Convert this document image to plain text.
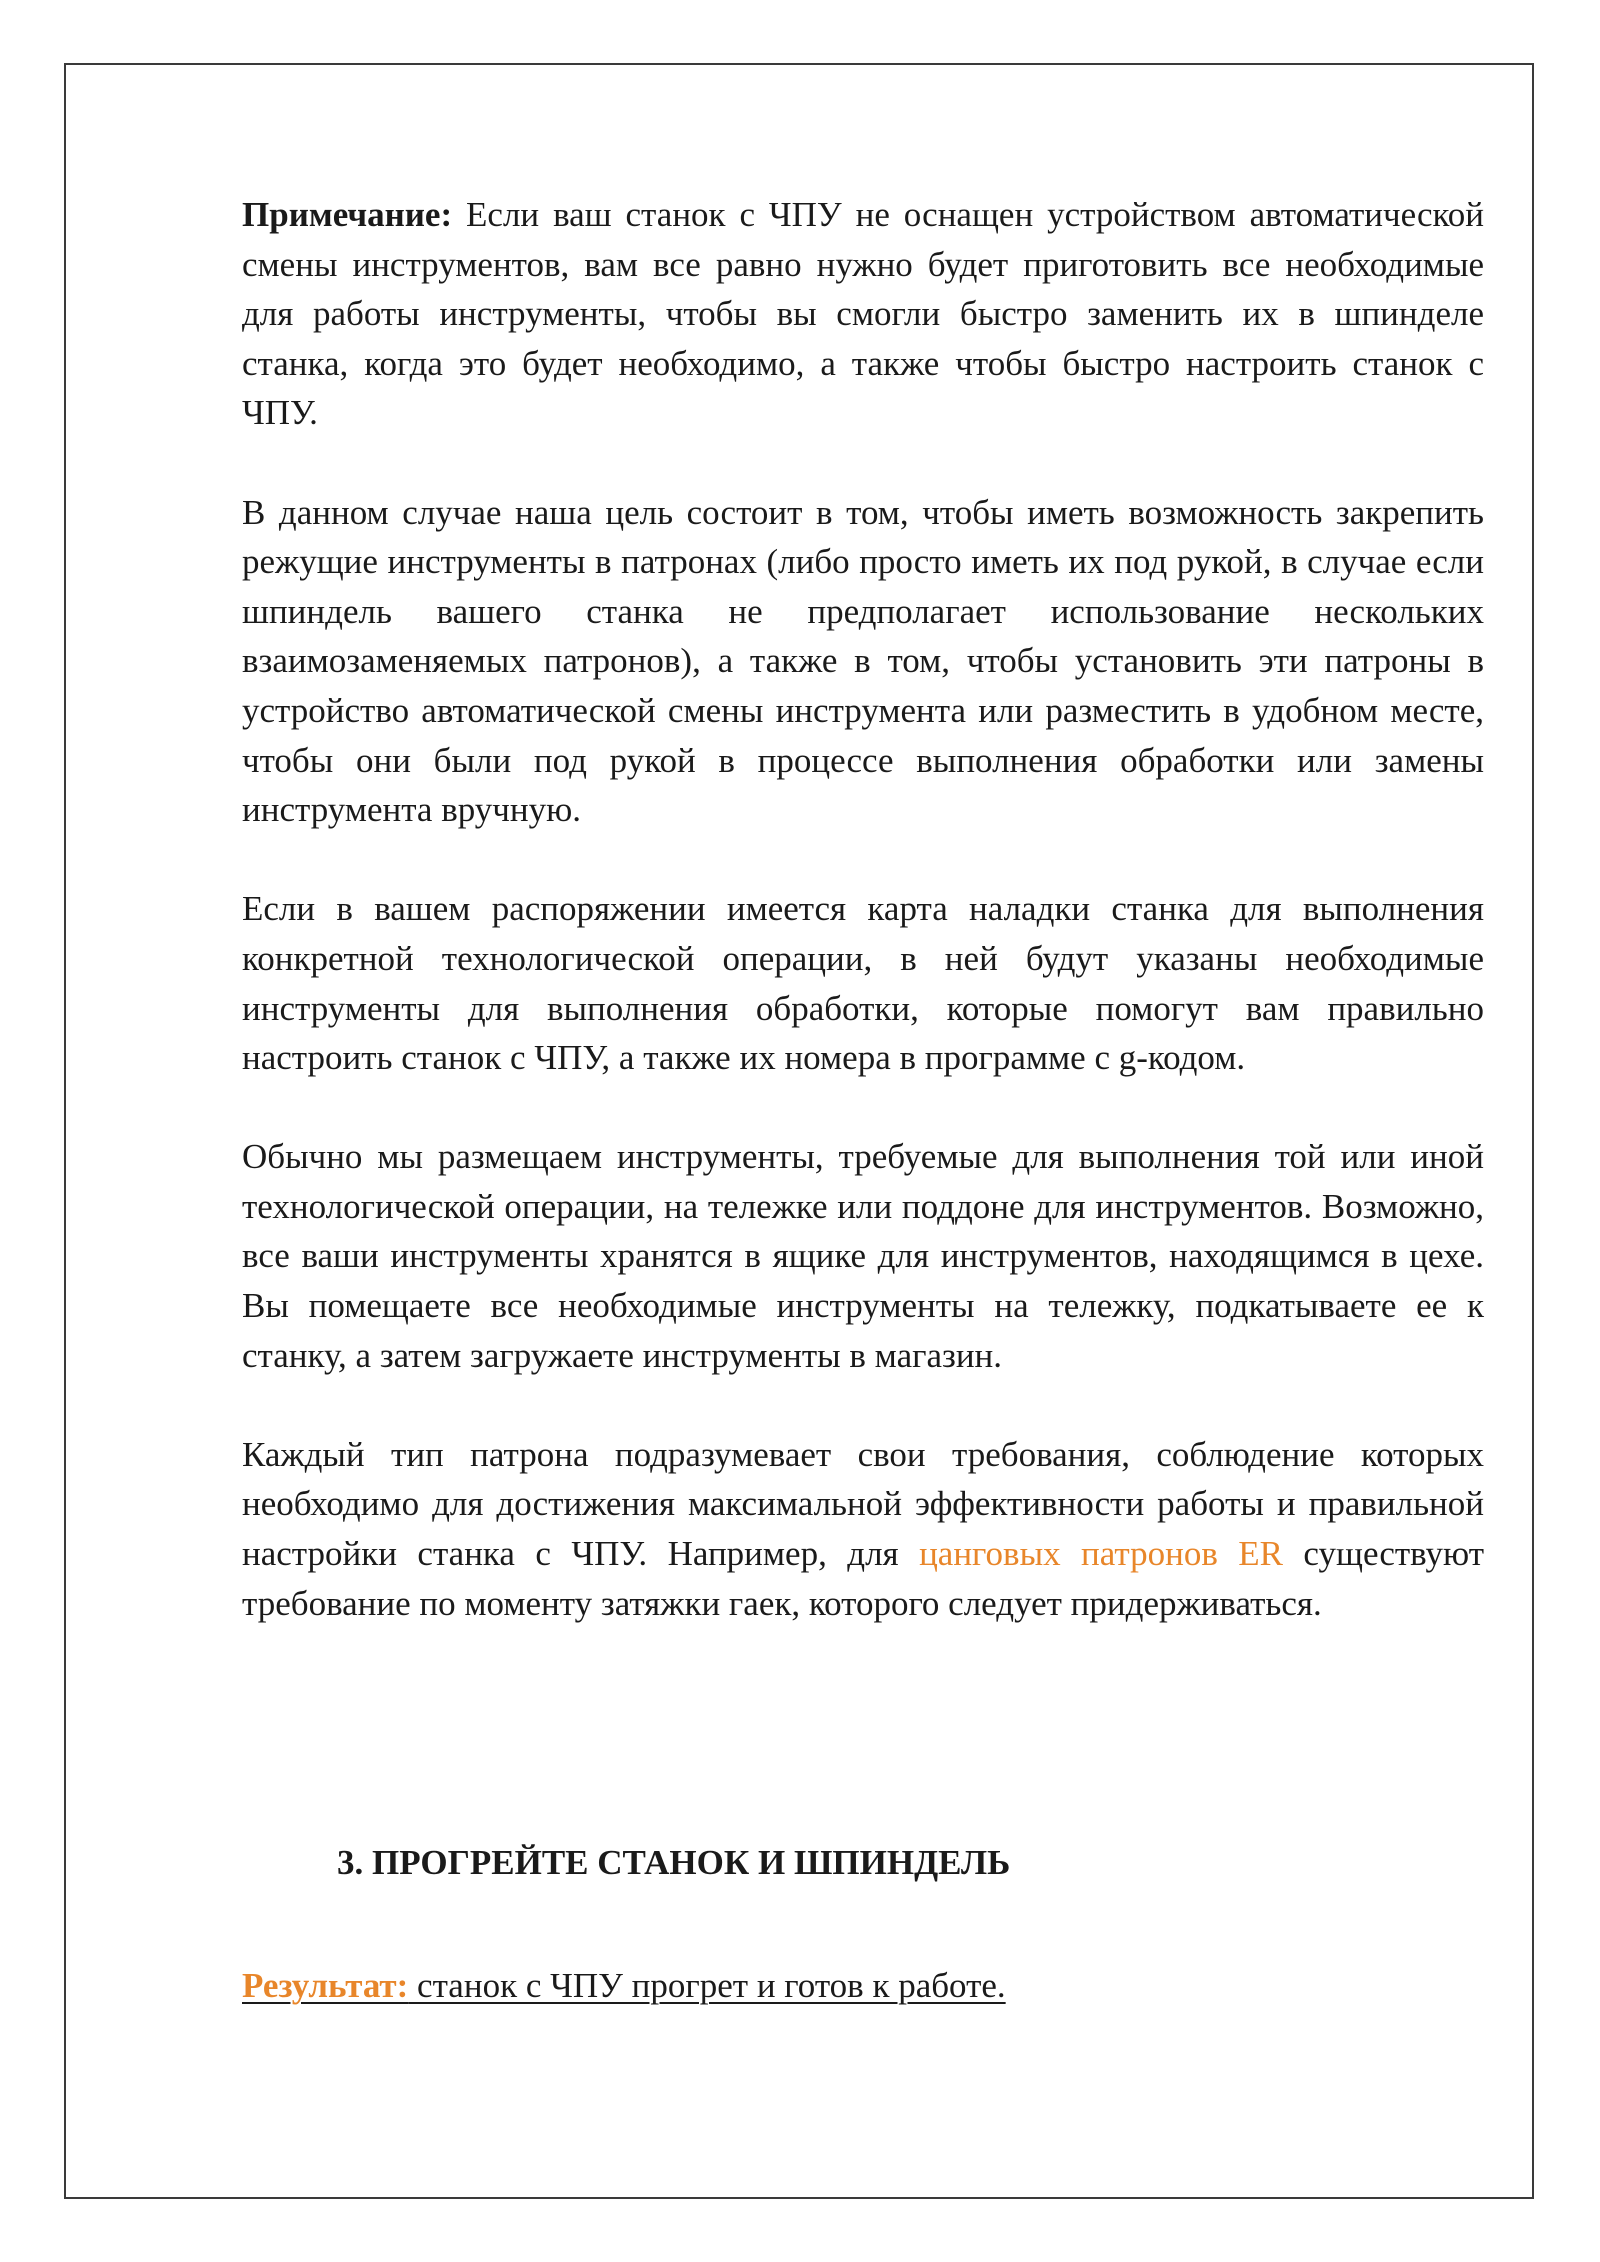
Примечание: Если ваш станок с ЧПУ не оснащен устройством автоматической смены инструментов, вам все равно нужно будет приготовить все необходимые для работы инструменты, чтобы вы смогли быстро заменить их в шпинделе станка, когда это будет необходимо, а также чтобы быстро настроить станок с ЧПУ.

В данном случае наша цель состоит в том, чтобы иметь возможность закрепить режущие инструменты в патронах (либо просто иметь их под рукой, в случае если шпиндель вашего станка не предполагает использование нескольких взаимозаменяемых патронов), а также в том, чтобы установить эти патроны в устройство автоматической смены инструмента или разместить в удобном месте, чтобы они были под рукой в процессе выполнения обработки или замены инструмента вручную.

Если в вашем распоряжении имеется карта наладки станка для выполнения конкретной технологической операции, в ней будут указаны необходимые инструменты для выполнения обработки, которые помогут вам правильно настроить станок с ЧПУ, а также их номера в программе с g-кодом.

Обычно мы размещаем инструменты, требуемые для выполнения той или иной технологической операции, на тележке или поддоне для инструментов. Возможно, все ваши инструменты хранятся в ящике для инструментов, находящимся в цехе. Вы помещаете все необходимые инструменты на тележку, подкатываете ее к станку, а затем загружаете инструменты в магазин.

Каждый тип патрона подразумевает свои требования, соблюдение которых необходимо для достижения максимальной эффективности работы и правильной настройки станка с ЧПУ. Например, для цанговых патронов ER существуют требование по моменту затяжки гаек, которого следует придерживаться.

3. ПРОГРЕЙТЕ СТАНОК И ШПИНДЕЛЬ

Результат: станок с ЧПУ прогрет и готов к работе.
